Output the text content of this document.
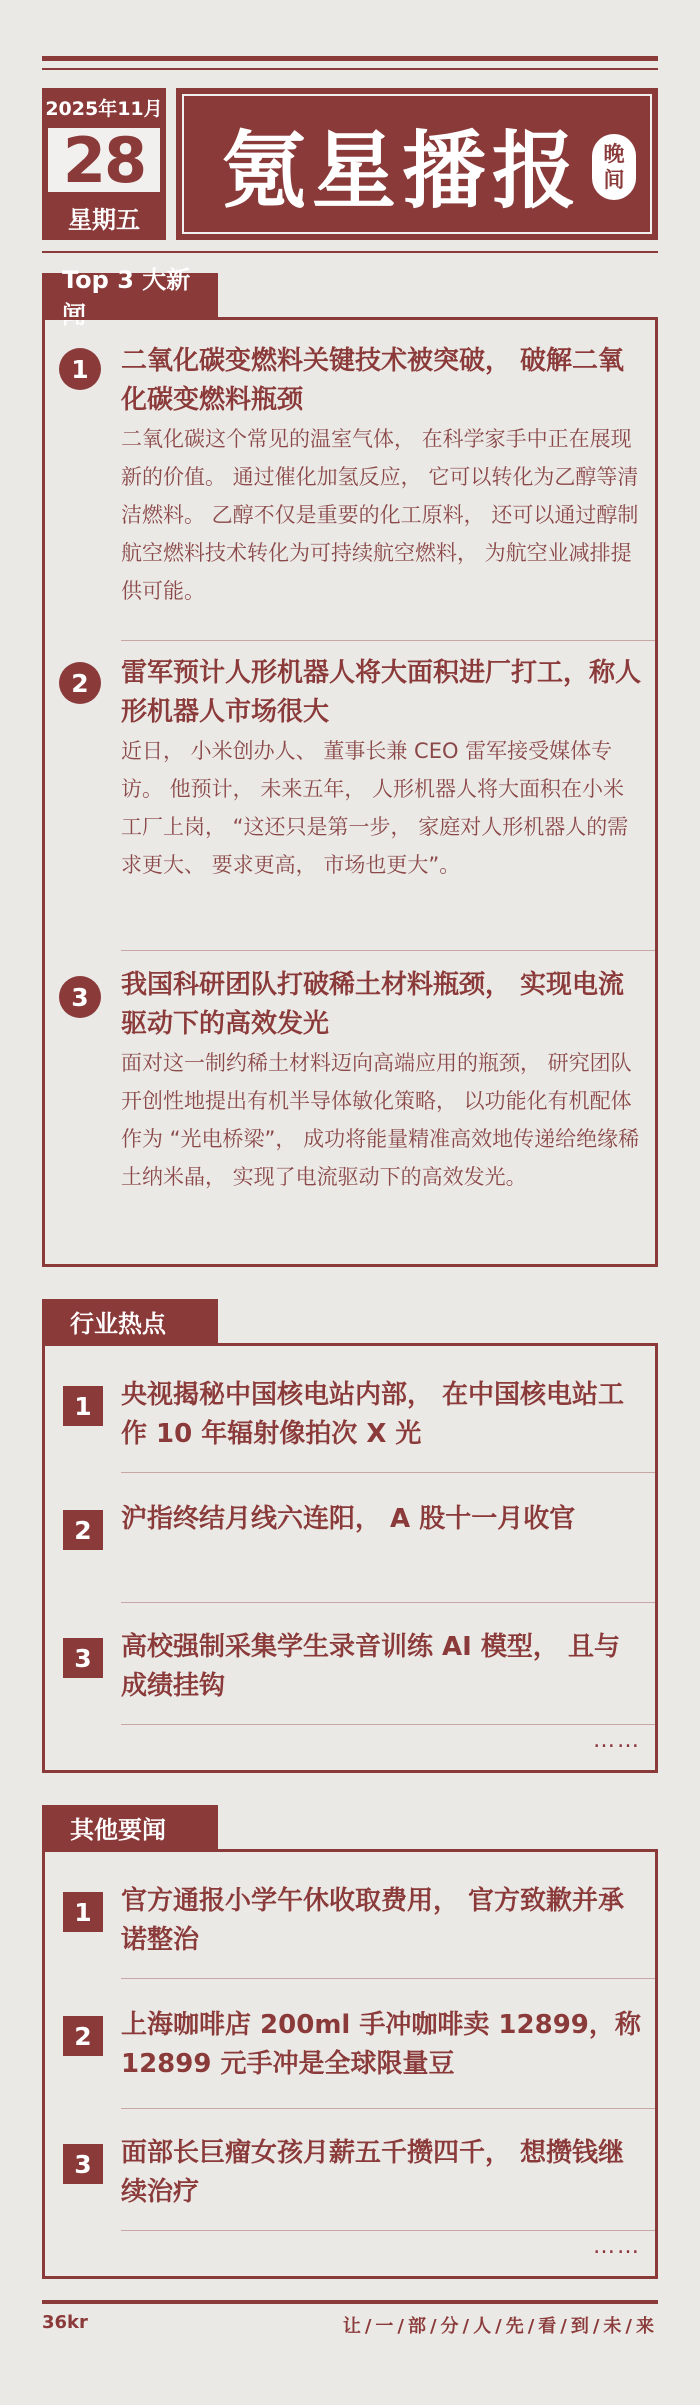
2025年11月
28
星期五 氪星播报 晚
间
Top 3 大新闻
1	二氧化碳变燃料关键技术被突破， 破解二氧化碳变燃料瓶颈
二氧化碳这个常见的温室气体， 在科学家手中正在展现新的价值。 通过催化加氢反应， 它可以转化为乙醇等清洁燃料。 乙醇不仅是重要的化工原料， 还可以通过醇制航空燃料技术转化为可持续航空燃料， 为航空业减排提供可能。
2	雷军预计人形机器人将大面积进厂打工，称人形机器人市场很大
近日， 小米创办人、 董事长兼 CEO 雷军接受媒体专访。 他预计， 未来五年， 人形机器人将大面积在小米工厂上岗， “这还只是第一步， 家庭对人形机器人的需求更大、 要求更高， 市场也更大”。
3	我国科研团队打破稀土材料瓶颈， 实现电流驱动下的高效发光
面对这一制约稀土材料迈向高端应用的瓶颈， 研究团队开创性地提出有机半导体敏化策略， 以功能化有机配体作为 “光电桥梁”， 成功将能量精准高效地传递给绝缘稀土纳米晶， 实现了电流驱动下的高效发光。
行业热点
1	央视揭秘中国核电站内部， 在中国核电站工作 10 年辐射像拍次 X 光
2	沪指终结月线六连阳， A 股十一月收官
3	高校强制采集学生录音训练 AI 模型， 且与成绩挂钩
……
其他要闻
1	官方通报小学午休收取费用， 官方致歉并承诺整治
2	上海咖啡店 200ml 手冲咖啡卖 12899，称 12899 元手冲是全球限量豆
3	面部长巨瘤女孩月薪五千攒四千， 想攒钱继续治疗
……
36kr	让/一/部/分/人/先/看/到/未/来
